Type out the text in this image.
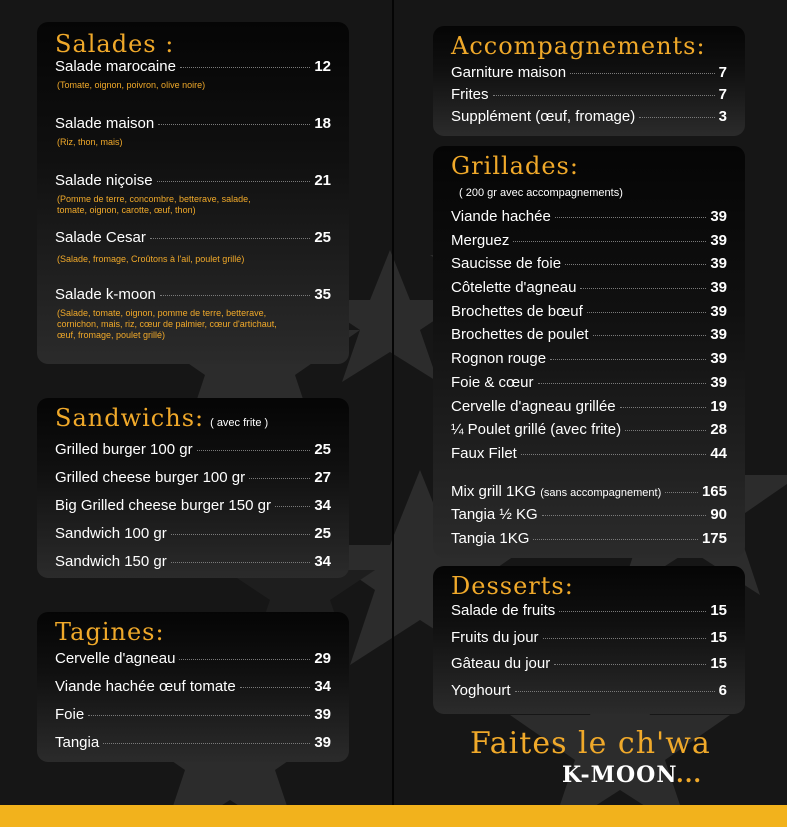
Salades :
Salade marocaine	12
(Tomate, oignon, poivron, olive noire)
Salade maison	18
(Riz, thon, mais)
Salade niçoise	21
(Pomme de terre, concombre, betterave, salade, tomate, oignon, carotte, œuf, thon)
Salade Cesar	25
(Salade, fromage, Croûtons à l'ail, poulet grillé)
Salade k-moon	35
(Salade, tomate, oignon, pomme de terre, betterave, cornichon, mais, riz, cœur de palmier, cœur d'artichaut, œuf, fromage, poulet grillé)
Sandwichs: ( avec frite )
Grilled burger 100 gr	25
Grilled cheese burger 100 gr	27
Big Grilled cheese burger 150 gr	34
Sandwich 100 gr	25
Sandwich 150 gr	34
Tagines:
Cervelle d'agneau	29
Viande hachée œuf tomate	34
Foie	39
Tangia	39
Accompagnements:
Garniture maison	7
Frites	7
Supplément (œuf, fromage)	3
Grillades:
( 200 gr avec accompagnements)
Viande hachée	39
Merguez	39
Saucisse de foie	39
Côtelette d'agneau	39
Brochettes de bœuf	39
Brochettes de poulet	39
Rognon rouge	39
Foie & cœur	39
Cervelle d'agneau grillée	19
¼ Poulet grillé (avec frite)	28
Faux Filet	44
Mix grill 1KG (sans accompagnement)	165
Tangia ½ KG	90
Tangia 1KG	175
Desserts:
Salade de fruits	15
Fruits du jour	15
Gâteau du jour	15
Yoghourt	6
Faites le ch'wa
K-MOON...
